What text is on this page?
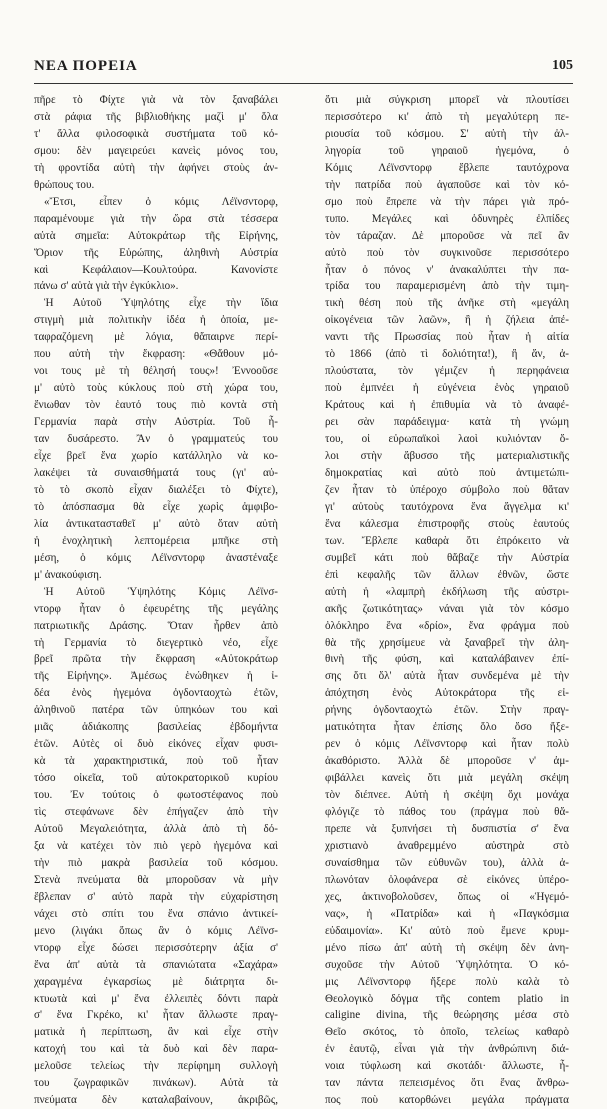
ΝΕΑ ΠΟΡΕΙΑ	105
πῆρε τὸ Φίχτε γιὰ νὰ τὸν ξαναβάλει
στὰ ράφια τῆς βιβλιοθήκης μαζὶ μ' ὅλα
τ' ἄλλα φιλοσοφικὰ συστήματα τοῦ κό-
σμου: δὲν μαγειρεύει κανεὶς μόνος του,
τὴ φροντίδα αὐτὴ τὴν ἀφήνει στοὺς ἀν-
θρώπους του.
«Ἔτσι, εἶπεν ὁ κόμις Λέϊνσντορφ,
παραμένουμε γιὰ τὴν ὥρα στὰ τέσσερα
αὐτὰ σημεῖα: Αὐτοκράτωρ τῆς Εἰρήνης,
Ὅριον τῆς Εὐρώπης, ἀληθινὴ Αὐστρία
καὶ Κεφάλαιον—Κουλτούρα. Κανονίστε
πάνω σ' αὐτὰ γιὰ τὴν ἐγκύκλιο».
Ἡ Αὐτοῦ Ὑψηλότης εἶχε τὴν ἴδια
στιγμὴ μιὰ πολιτικὴν ἰδέα ἡ ὁποία, με-
ταφραζόμενη μὲ λόγια, θἄπαιρνε περί-
που αὐτὴ τὴν ἔκφραση: «Θἄθουν μό-
νοι τους μὲ τὴ θέλησή τους»! Ἐννοοῦσε
μ' αὐτὸ τοὺς κύκλους ποὺ στὴ χώρα του,
ἔνιωθαν τὸν ἑαυτό τους πιὸ κοντὰ στὴ
Γερμανία παρὰ στὴν Αὐστρία. Τοῦ ἦ-
ταν δυσάρεστο. Ἂν ὁ γραμματεύς του
εἶχε βρεῖ ἕνα χωρίο κατάλληλο νὰ κο-
λακέψει τὰ συναισθήματά τους (γι' αὐ-
τὸ τὸ σκοπὸ εἶχαν διαλέξει τὸ Φίχτε),
τὸ ἀπόσπασμα θὰ εἶχε χωρὶς ἀμφιβο-
λία ἀντικατασταθεῖ μ' αὐτὸ ὅταν αὐτὴ
ἡ ἐνοχλητικὴ λεπτομέρεια μπῆκε στὴ
μέση, ὁ κόμις Λέϊνσντορφ ἀναστέναξε
μ' ἀνακούφιση.
Ἡ Αὐτοῦ Ὑψηλότης Κόμις Λέϊνσ-
ντορφ ἦταν ὁ ἐφευρέτης τῆς μεγάλης
πατριωτικῆς Δράσης. Ὅταν ἦρθεν ἀπὸ
τὴ Γερμανία τὸ διεγερτικὸ νέο, εἶχε
βρεῖ πρῶτα τὴν ἔκφραση «Αὐτοκράτωρ
τῆς Εἰρήνης». Ἀμέσως ἑνώθηκεν ἡ ἰ-
δέα ἑνὸς ἡγεμόνα ὀγδονταοχτὼ ἐτῶν,
ἀληθινοῦ πατέρα τῶν ὑπηκόων του καὶ
μιᾶς ἀδιάκοπης βασιλείας ἑβδομήντα
ἐτῶν. Αὐτὲς οἱ δυὸ εἰκόνες εἶχαν φυσι-
κὰ τὰ χαρακτηριστικά, ποὺ τοῦ ἦταν
τόσο οἰκεῖα, τοῦ αὐτοκρατορικοῦ κυρίου
του. Ἐν τούτοις ὁ φωτοστέφανος ποὺ
τὶς στεφάνωνε δὲν ἐπήγαζεν ἀπὸ τὴν
Αὐτοῦ Μεγαλειότητα, ἀλλὰ ἀπὸ τὴ δό-
ξα νὰ κατέχει τὸν πιὸ γερὸ ἡγεμόνα καὶ
τὴν πιὸ μακρὰ βασιλεία τοῦ κόσμου.
Στενὰ πνεύματα θὰ μποροῦσαν νὰ μὴν
ἔβλεπαν σ' αὐτὸ παρὰ τὴν εὐχαρίστηση
νάχει στὸ σπίτι του ἕνα σπάνιο ἀντικεί-
μενο (λιγάκι ὅπως ἂν ὁ κόμις Λέϊνσ-
ντορφ εἶχε δώσει περισσότερην ἀξία σ'
ἕνα ἀπ' αὐτὰ τὰ σπανιώτατα «Σαχάρα»
χαραγμένα ἐγκαρσίως μὲ διάτρητα δι-
κτυωτὰ καὶ μ' ἕνα ἐλλειπὲς δόντι παρὰ
σ' ἕνα Γκρέκο, κι' ἦταν ἄλλωστε πραγ-
ματικὰ ἡ περίπτωση, ἂν καὶ εἶχε στὴν
κατοχή του καὶ τὰ δυὸ καὶ δὲν παρα-
μελοῦσε τελείως τὴν περίφημη συλλογὴ
του ζωγραφικῶν πινάκων). Αὐτὰ τὰ
πνεύματα δὲν καταλαβαίνουν, ἀκριβῶς,
ὅτι μιὰ σύγκριση μπορεῖ νὰ πλουτίσει
περισσότερο κι' ἀπὸ τὴ μεγαλύτερη πε-
ριουσία τοῦ κόσμου. Σ' αὐτὴ τὴν ἀλ-
ληγορία τοῦ γηραιοῦ ἡγεμόνα, ὁ
Κόμις Λέϊνσντορφ ἔβλεπε ταυτόχρονα
τὴν πατρίδα ποὺ ἀγαποῦσε καὶ τὸν κό-
σμο ποὺ ἔπρεπε νὰ τὴν πάρει γιὰ πρό-
τυπο. Μεγάλες καὶ ὀδυνηρὲς ἐλπίδες
τὸν τάραζαν. Δὲ μποροῦσε νὰ πεῖ ἂν
αὐτὸ ποὺ τὸν συγκινοῦσε περισσότερο
ἦταν ὁ πόνος ν' ἀνακαλύπτει τὴν πα-
τρίδα του παραμερισμένη ἀπὸ τὴν τιμη-
τικὴ θέση ποὺ τῆς ἀνῆκε στὴ «μεγάλη
οἰκογένεια τῶν λαῶν», ἢ ἡ ζήλεια ἀπέ-
ναντι τῆς Πρωσσίας ποὺ ἦταν ἡ αἰτία
τὸ 1866 (ἀπὸ τὶ δολιότητα!), ἢ ἄν, ἁ-
πλούστατα, τὸν γέμιζεν ἡ περηφάνεια
ποὺ ἐμπνέει ἡ εὐγένεια ἑνὸς γηραιοῦ
Κράτους καὶ ἡ ἐπιθυμία νὰ τὸ ἀναφέ-
ρει σὰν παράδειγμα· κατὰ τὴ γνώμη
του, οἱ εὐρωπαϊκοὶ λαοὶ κυλιόνταν ὅ-
λοι στὴν ἄβυσσο τῆς ματεριαλιστικῆς
δημοκρατίας καὶ αὐτὸ ποὺ ἀντιμετώπι-
ζεν ἦταν τὸ ὑπέροχο σύμβολο ποὺ θἄταν
γι' αὐτοὺς ταυτόχρονα ἕνα ἄγγελμα κι'
ἕνα κάλεσμα ἐπιστροφῆς στοὺς ἑαυτούς
των. Ἔβλεπε καθαρὰ ὅτι ἐπρόκειτο νὰ
συμβεῖ κάτι ποὺ θἄβαζε τὴν Αὐστρία
ἐπὶ κεφαλῆς τῶν ἄλλων ἐθνῶν, ὥστε
αὐτὴ ἡ «λαμπρὴ ἐκδήλωση τῆς αὐστρι-
ακῆς ζωτικότητας» νάναι γιὰ τὸν κόσμο
ὁλόκληρο ἕνα «δρίο», ἕνα φράγμα ποὺ
θὰ τῆς χρησίμευε νὰ ξαναβρεῖ τὴν ἀλη-
θινὴ τῆς φύση, καὶ καταλάβαινεν ἐπί-
σης ὅτι ὅλ' αὐτὰ ἦταν συνδεμένα μὲ τὴν
ἀπόχτηση ἑνὸς Αὐτοκράτορα τῆς εἰ-
ρήνης ὀγδονταοχτὼ ἐτῶν. Στὴν πραγ-
ματικότητα ἦταν ἐπίσης ὅλο ὅσο ἤξε-
ρεν ὁ κόμις Λέϊνσντορφ καὶ ἦταν πολὺ
ἀκαθόριστο. Ἀλλὰ δὲ μποροῦσε ν' ἀμ-
φιβάλλει κανεὶς ὅτι μιὰ μεγάλη σκέψη
τὸν διέπνεε. Αὐτὴ ἡ σκέψη ὄχι μονάχα
φλόγιζε τὸ πάθος του (πράγμα ποὺ θἄ-
πρεπε νὰ ξυπνήσει τὴ δυσπιστία σ' ἕνα
χριστιανὸ ἀναθρεμμένο αὐστηρὰ στὸ
συναίσθημα τῶν εὐθυνῶν του), ἀλλὰ ἁ-
πλωνόταν ὁλοφάνερα σὲ εἰκόνες ὑπέρο-
χες, ἀκτινοβολοῦσεν, ὅπως οἱ «Ἡγεμό-
νας», ἡ «Πατρίδα» καὶ ἡ «Παγκόσμια
εὐδαιμονία». Κι' αὐτὸ ποὺ ἔμενε κρυμ-
μένο πίσω ἀπ' αὐτὴ τὴ σκέψη δὲν ἀνη-
συχοῦσε τὴν Αὐτοῦ Ὑψηλότητα. Ὁ κό-
μις Λέϊνσντορφ ἤξερε πολὺ καλὰ τὸ
Θεολογικὸ δόγμα τῆς contem platio in
caligine divina, τῆς θεώρησης μέσα στὸ
Θεῖο σκότος, τὸ ὁποῖο, τελείως καθαρὸ
ἐν ἑαυτῷ, εἶναι γιὰ τὴν ἀνθρώπινη διά-
νοια τύφλωση καὶ σκοτάδι· ἄλλωστε, ἦ-
ταν πάντα πεπεισμένος ὅτι ἕνας ἄνθρω-
πος ποὺ κατορθώνει μεγάλα πράγματα
